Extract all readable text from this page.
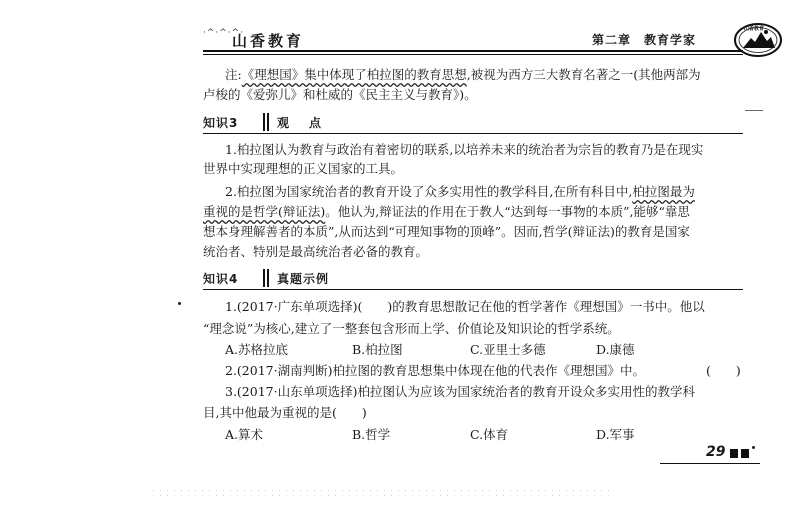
·^·^·^·
山香教育	第二章　教育学家
山香教育
注:《理想国》集中体现了柏拉图的教育思想,被视为西方三大教育名著之一(其他两部为
卢梭的《爱弥儿》和杜威的《民主主义与教育》)。
知识3	观　点
1.柏拉图认为教育与政治有着密切的联系,以培养未来的统治者为宗旨的教育乃是在现实
世界中实现理想的正义国家的工具。
2.柏拉图为国家统治者的教育开设了众多实用性的教学科目,在所有科目中,柏拉图最为
重视的是哲学(辩证法)。他认为,辩证法的作用在于教人“达到每一事物的本质”,能够“靠思
想本身理解善者的本质”,从而达到“可理知事物的顶峰”。因而,哲学(辩证法)的教育是国家
统治者、特别是最高统治者必备的教育。
知识4	真题示例
1.(2017·广东单项选择)(　　)的教育思想散记在他的哲学著作《理想国》一书中。他以
“理念说”为核心,建立了一整套包含形而上学、价值论及知识论的哲学系统。
A.苏格拉底	B.柏拉图	C.亚里士多德	D.康德
2.(2017·湖南判断)柏拉图的教育思想集中体现在他的代表作《理想国》中。	(　　)
3.(2017·山东单项选择)柏拉图认为应该为国家统治者的教育开设众多实用性的教学科
目,其中他最为重视的是(　　)
A.算术	B.哲学	C.体育	D.军事
29
